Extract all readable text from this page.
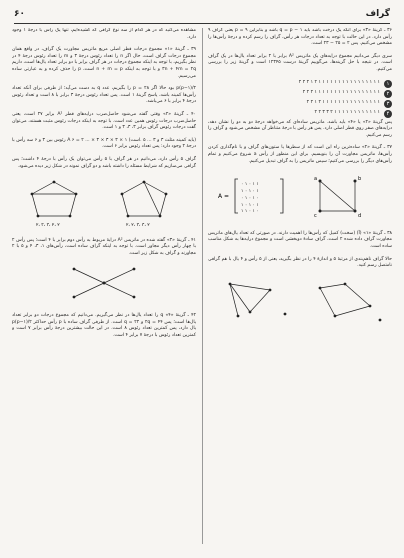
۶۰	گراف

۳۶ ـ گزینهٔ «۳» برای آنکه یک درخت باشد باید q = p − ۱ باشد و بنابراین p = ۹ یعنی گراف ۹ رأس دارد. در این حالت با توجه به تعداد درجات هر رأس، گراف را رسم کرده و درجهٔ رأس‌ها را مشخص می‌کنیم. پس ۲ = ۲۵ − ۲۳ است.

سری دیگر می‌دانیم مجموع درایه‌های یک ماتریس A² برابر با ۲ برابر تعداد یال‌ها در یک گراف است. در نتیجه با حل گزینه‌ها، می‌گوییم گزینهٔ درست ۱۲۳۴۵ است و گزینهٔ زیر را بررسی می‌کنیم.

۱
۱ ۱ ۱ ۱ ۱ ۱ ۱ ۱ ۱ ۱ ۱ ۱ ۱ ۱ ۱ ۱ ۲ ۱ ۲ ۲ ۲
۲
۱ ۱ ۱ ۱ ۱ ۱ ۱ ۱ ۱ ۱ ۱ ۱ ۱ ۱ ۱ ۱ ۱ ۲ ۲ ۲
۳
۱ ۱ ۱ ۱ ۱ ۱ ۱ ۱ ۱ ۱ ۱ ۱ ۱ ۱ ۱ ۲ ۱ ۲ ۲
۴
۱ ۱ ۱ ۱ ۱ ۱ ۱ ۱ ۱ ۱ ۱ ۱ ۲ ۳ ۳ ۲ ۲

پس گزینهٔ «۲» یا «۴» باید باشد. ماتریس ساده‌ای که می‌خواهد درجهٔ دو به دو را نشان دهد، درایه‌های صفر روی قطر اصلی دارد. پس هر رأس با درجهٔ متناظر آن مشخص می‌شود و گراف را رسم می‌کنیم.

۳۷ ـ گزینهٔ «۲» ساده‌ترین راه این است که از سطرها یا ستون‌های گراف و با نام‌گذاری کردن رأس‌ها، ماتریس مجاورت آن را بنویسیم. برای این منظور از رأس a شروع می‌کنیم و تمام رأس‌های دیگر را بررسی می‌کنیم؛ سپس ماتریس را به گراف تبدیل می‌کنیم.

A =
۰ ۱ ۰ ۱ ۱
۱ ۰ ۱ ۰ ۱
۰ ۱ ۰ ۱ ۰
۱ ۰ ۱ ۰ ۱
۱ ۱ ۰ ۱ ۰
a	b
c	d

۳۸ ـ گزینهٔ «۱» (آ) (سخت) کمیل که رأس‌ها را اهمیت دارند. در صورتی که تعداد یال‌های ماتریس مجاورت گراف داده شده ۲ است، گراف سادهٔ دوبخشی است و مجموع درایه‌ها به شکل مناسب ساده است.

حالا گراف ناهم‌بندی از مرتبهٔ ۵ و اندازهٔ ۴ را در نظر بگیرید، یعنی از ۵ رأس و ۴ یال با هم گرافی نامتصل رسم کنید.

مشاهده می‌کنید که در هر کدام از سه نوع گرافی که کشیده‌ایم، تنها یک رأس با درجهٔ ۱ وجود دارد.

۳۹ ـ گزینهٔ «۱» مجموع درجات قطر اصلی مربع ماتریس مجاورت یک گراف، در واقع همان مجموع درجات گراف است، حال اگر n را تعداد رئوس درجهٔ ۳ و m را تعداد رئوس درجهٔ ۴ در نظر بگیریم، با توجه به اینکه مجموع درجات در هر گراف برابر با دو برابر تعداد یال‌ها است، داریم ۳n + ۴m = ۲q و با توجه به اینکه n + m = p است، p را حذف کرده و به عبارتی ساده می‌رسیم.

p(p−۱)/۲ بود حالا اگر ۲۸ = p را بگیریم، عدد q به دست می‌آید؛ از طرفی برای آنکه تعداد رأس‌ها کمینه باشد، پاسخ گزینهٔ ۱ است. پس تعداد رئوس درجهٔ ۳ برابر با ۸ است و تعداد رئوس درجهٔ ۴ برابر با ۶ می‌باشد.

۴۰ ـ گزینهٔ «۲» وقتی گفته می‌شود حاصل‌ضرب درایه‌های قطر A² برابر ۲۷ است، یعنی حاصل‌ضرب درجات رئوس همین عدد است. با توجه به اینکه درجات رئوس مثبت هستند، می‌توان گفت درجات رئوس گراف برابر ۳، ۳، ۳ و ۱ است.

(باید کمینه مثلث ۳ و ۳ ... ۵ .است) A ۶ = ۲ ... × ۳ × ۳ × ۳ × ۱ رئوس بین ۳ و ۶ سه رأس با درجهٔ ۲ وجود دارد: پس تعداد رئوس برابر ۶ است.

گراف ۵ رأس دارد، می‌دانیم در هر گراف با ۵ رأس می‌توان یک رأس با درجهٔ ۴ داشت؛ پس گرافی می‌سازیم که شرایط مسئله را داشته باشد و دو گراف نمونه در شکل زیر دیده می‌شود.

۲، ۳، ۳، ۲، ۲	۲، ۲، ۳، ۳، ۲

۴۱ ـ گزینهٔ «۳» گفته شده در ماتریس A² درایهٔ مربوط به رأس دوم برابر با ۴ است؛ پس رأس ۲ با چهار رأس دیگر مجاور است. با توجه به اینکه گراف ساده است، رأس‌های ۱، ۳، ۴ و ۵ با ۲ مجاورند و گراف به شکل زیر است.

۴۲ ـ گزینهٔ «۴» q را تعداد یال‌ها در نظر می‌گیریم. می‌دانیم که مجموع درجات دو برابر تعداد یال‌ها است؛ پس ۲q = ۴۴ و q = ۲۲ است. از طرفی گراف ساده با p رأس حداکثر p(p−۱)/۲ یال دارد، پس کمترین تعداد رئوس ۸ است. در این حالت بیشترین درجهٔ رأس برابر ۷ است و کمترین تعداد رئوس با درجهٔ ۷ برابر ۴ است.
